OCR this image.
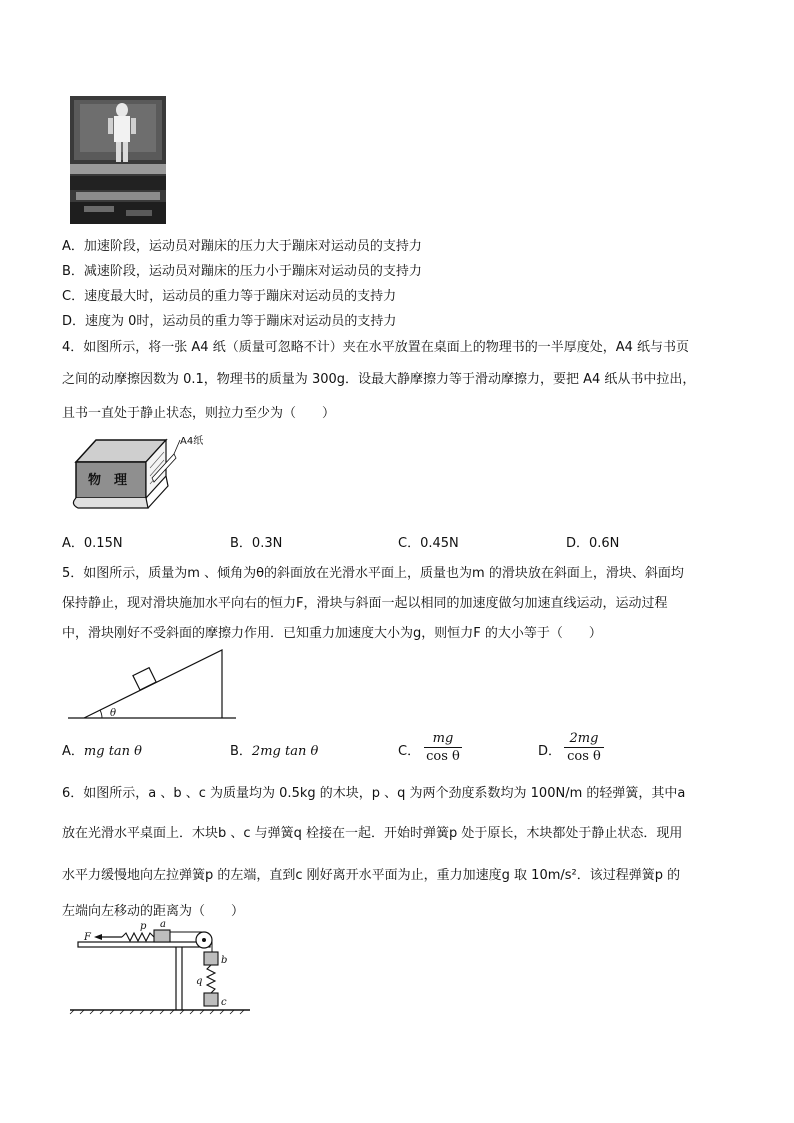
A．加速阶段，运动员对蹦床的压力大于蹦床对运动员的支持力
B．减速阶段，运动员对蹦床的压力小于蹦床对运动员的支持力
C．速度最大时，运动员的重力等于蹦床对运动员的支持力
D．速度为 0时，运动员的重力等于蹦床对运动员的支持力
4．如图所示，将一张 A4 纸（质量可忽略不计）夹在水平放置在桌面上的物理书的一半厚度处，A4 纸与书页
之间的动摩擦因数为 0.1，物理书的质量为 300g．设最大静摩擦力等于滑动摩擦力，要把 A4 纸从书中拉出，
且书一直处于静止状态，则拉力至少为（　　）
物　理
A4纸
A．0.15N	B．0.3N	C．0.45N	D．0.6N
5．如图所示，质量为m 、倾角为θ的斜面放在光滑水平面上，质量也为m 的滑块放在斜面上，滑块、斜面均
保持静止，现对滑块施加水平向右的恒力F，滑块与斜面一起以相同的加速度做匀加速直线运动，运动过程
中，滑块刚好不受斜面的摩擦力作用．已知重力加速度大小为g，则恒力F 的大小等于（　　）
θ
A．mg tan θ	B．2mg tan θ	C．
mg
cos θ	D．
2mg
cos θ
6．如图所示，a 、b 、c 为质量均为 0.5kg 的木块，p 、q 为两个劲度系数均为 100N/m 的轻弹簧，其中a
放在光滑水平桌面上．木块b 、c 与弹簧q 栓接在一起．开始时弹簧p 处于原长，木块都处于静止状态．现用
水平力缓慢地向左拉弹簧p 的左端，直到c 刚好离开水平面为止，重力加速度g 取 10m/s²．该过程弹簧p 的
左端向左移动的距离为（　　）
F
p a
b
q
c
